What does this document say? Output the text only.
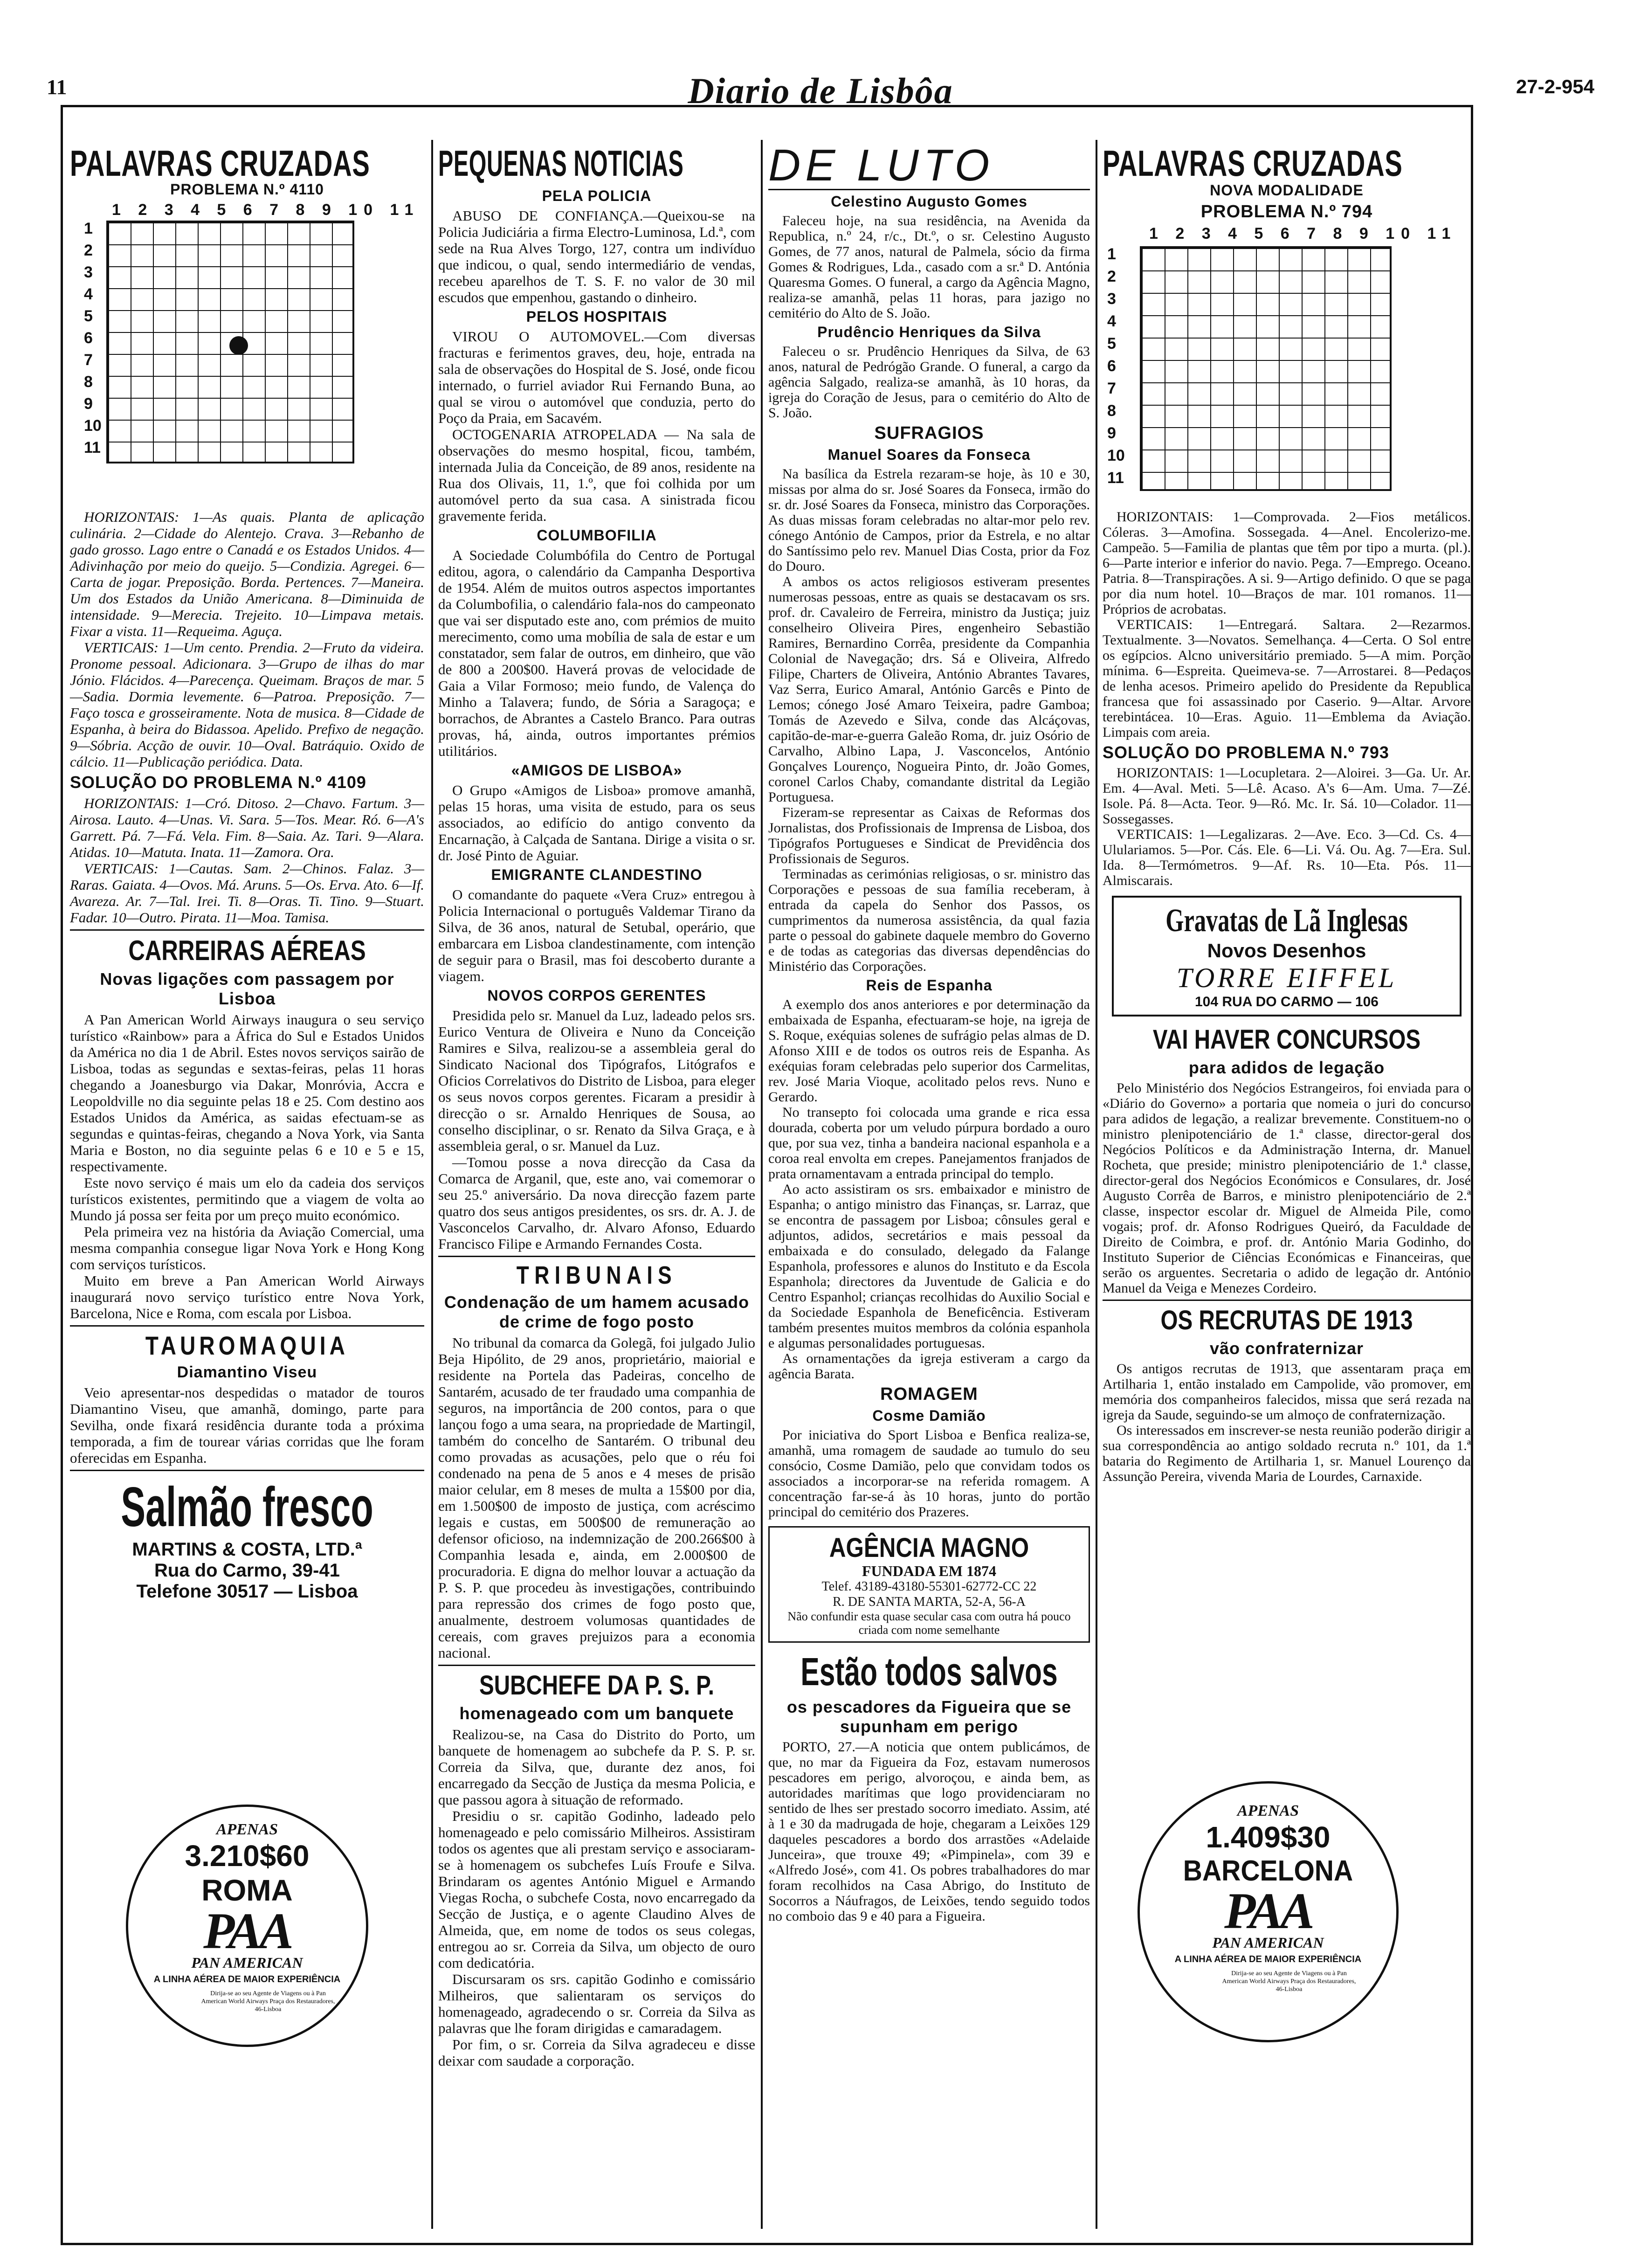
11	Diario de Lisbôa	27-2-954
PALAVRAS CRUZADAS
PROBLEMA N.º 4110
1 2 3 4 5 6 7 8 9 10 11
1
2
3
4
5
6
7
8
9
10
11

HORIZONTAIS: 1—As quais. Planta de aplicação culinária. 2—Cidade do Alentejo. Crava. 3—Rebanho de gado grosso. Lago entre o Canadá e os Estados Unidos. 4—Adivinhação por meio do queijo. 5—Condizia. Agregei. 6—Carta de jogar. Preposição. Borda. Pertences. 7—Maneira. Um dos Estados da União Americana. 8—Diminuida de intensidade. 9—Merecia. Trejeito. 10—Limpava metais. Fixar a vista. 11—Requeima. Aguça.

VERTICAIS: 1—Um cento. Prendia. 2—Fruto da videira. Pronome pessoal. Adicionara. 3—Grupo de ilhas do mar Jónio. Flácidos. 4—Parecença. Queimam. Braços de mar. 5—Sadia. Dormia levemente. 6—Patroa. Preposição. 7—Faço tosca e grosseiramente. Nota de musica. 8—Cidade de Espanha, à beira do Bidassoa. Apelido. Prefixo de negação. 9—Sóbria. Acção de ouvir. 10—Oval. Batráquio. Oxido de cálcio. 11—Publicação periódica. Data.

SOLUÇÃO DO PROBLEMA N.º 4109

HORIZONTAIS: 1—Cró. Ditoso. 2—Chavo. Fartum. 3—Airosa. Lauto. 4—Unas. Vi. Sara. 5—Tos. Mear. Ró. 6—A's Garrett. Pá. 7—Fá. Vela. Fim. 8—Saia. Az. Tari. 9—Alara. Atidas. 10—Matuta. Inata. 11—Zamora. Ora.

VERTICAIS: 1—Cautas. Sam. 2—Chinos. Falaz. 3—Raras. Gaiata. 4—Ovos. Má. Aruns. 5—Os. Erva. Ato. 6—If. Avareza. Ar. 7—Tal. Irei. Ti. 8—Oras. Ti. Tino. 9—Stuart. Fadar. 10—Outro. Pirata. 11—Moa. Tamisa.

CARREIRAS AÉREAS
Novas ligações com passagem por Lisboa

A Pan American World Airways inaugura o seu serviço turístico «Rainbow» para a África do Sul e Estados Unidos da América no dia 1 de Abril. Estes novos serviços sairão de Lisboa, todas as segundas e sextas-feiras, pelas 11 horas chegando a Joanesburgo via Dakar, Monróvia, Accra e Leopoldville no dia seguinte pelas 18 e 25. Com destino aos Estados Unidos da América, as saidas efectuam-se as segundas e quintas-feiras, chegando a Nova York, via Santa Maria e Boston, no dia seguinte pelas 6 e 10 e 5 e 15, respectivamente.

Este novo serviço é mais um elo da cadeia dos serviços turísticos existentes, permitindo que a viagem de volta ao Mundo já possa ser feita por um preço muito económico.

Pela primeira vez na história da Aviação Comercial, uma mesma companhia consegue ligar Nova York e Hong Kong com serviços turísticos.

Muito em breve a Pan American World Airways inaugurará novo serviço turístico entre Nova York, Barcelona, Nice e Roma, com escala por Lisboa.

TAUROMAQUIA
Diamantino Viseu

Veio apresentar-nos despedidas o matador de touros Diamantino Viseu, que amanhã, domingo, parte para Sevilha, onde fixará residência durante toda a próxima temporada, a fim de tourear várias corridas que lhe foram oferecidas em Espanha.

Salmão fresco
MARTINS & COSTA, LTD.ª
Rua do Carmo, 39-41
Telefone 30517 — Lisboa
APENAS
3.210$60
ROMA
PAA
PAN AMERICAN
A LINHA AÉREA DE MAIOR EXPERIÊNCIA
Dirija-se ao seu Agente de Viagens ou à Pan American World Airways Praça dos Restauradores, 46-Lisboa
PEQUENAS NOTICIAS
PELA POLICIA

ABUSO DE CONFIANÇA.—Queixou-se na Policia Judiciária a firma Electro-Luminosa, Ld.ª, com sede na Rua Alves Torgo, 127, contra um indivíduo que indicou, o qual, sendo intermediário de vendas, recebeu aparelhos de T. S. F. no valor de 30 mil escudos que empenhou, gastando o dinheiro.

PELOS HOSPITAIS

VIROU O AUTOMOVEL.—Com diversas fracturas e ferimentos graves, deu, hoje, entrada na sala de observações do Hospital de S. José, onde ficou internado, o furriel aviador Rui Fernando Buna, ao qual se virou o automóvel que conduzia, perto do Poço da Praia, em Sacavém.

OCTOGENARIA ATROPELADA — Na sala de observações do mesmo hospital, ficou, também, internada Julia da Conceição, de 89 anos, residente na Rua dos Olivais, 11, 1.º, que foi colhida por um automóvel perto da sua casa. A sinistrada ficou gravemente ferida.

COLUMBOFILIA

A Sociedade Columbófila do Centro de Portugal editou, agora, o calendário da Campanha Desportiva de 1954. Além de muitos outros aspectos importantes da Columbofilia, o calendário fala-nos do campeonato que vai ser disputado este ano, com prémios de muito merecimento, como uma mobília de sala de estar e um constatador, sem falar de outros, em dinheiro, que vão de 800 a 200$00. Haverá provas de velocidade de Gaia a Vilar Formoso; meio fundo, de Valença do Minho a Talavera; fundo, de Sória a Saragoça; e borrachos, de Abrantes a Castelo Branco. Para outras provas, há, ainda, outros importantes prémios utilitários.

«AMIGOS DE LISBOA»

O Grupo «Amigos de Lisboa» promove amanhã, pelas 15 horas, uma visita de estudo, para os seus associados, ao edifício do antigo convento da Encarnação, à Calçada de Santana. Dirige a visita o sr. dr. José Pinto de Aguiar.

EMIGRANTE CLANDESTINO

O comandante do paquete «Vera Cruz» entregou à Policia Internacional o português Valdemar Tirano da Silva, de 36 anos, natural de Setubal, operário, que embarcara em Lisboa clandestinamente, com intenção de seguir para o Brasil, mas foi descoberto durante a viagem.

NOVOS CORPOS GERENTES

Presidida pelo sr. Manuel da Luz, ladeado pelos srs. Eurico Ventura de Oliveira e Nuno da Conceição Ramires e Silva, realizou-se a assembleia geral do Sindicato Nacional dos Tipógrafos, Litógrafos e Oficios Correlativos do Distrito de Lisboa, para eleger os seus novos corpos gerentes. Ficaram a presidir à direcção o sr. Arnaldo Henriques de Sousa, ao conselho disciplinar, o sr. Renato da Silva Graça, e à assembleia geral, o sr. Manuel da Luz.

—Tomou posse a nova direcção da Casa da Comarca de Arganil, que, este ano, vai comemorar o seu 25.º aniversário. Da nova direcção fazem parte quatro dos seus antigos presidentes, os srs. dr. A. J. de Vasconcelos Carvalho, dr. Alvaro Afonso, Eduardo Francisco Filipe e Armando Fernandes Costa.

TRIBUNAIS
Condenação de um hamem acusado de crime de fogo posto

No tribunal da comarca da Golegã, foi julgado Julio Beja Hipólito, de 29 anos, proprietário, maiorial e residente na Portela das Padeiras, concelho de Santarém, acusado de ter fraudado uma companhia de seguros, na importância de 200 contos, para o que lançou fogo a uma seara, na propriedade de Martingil, também do concelho de Santarém. O tribunal deu como provadas as acusações, pelo que o réu foi condenado na pena de 5 anos e 4 meses de prisão maior celular, em 8 meses de multa a 15$00 por dia, em 1.500$00 de imposto de justiça, com acréscimo legais e custas, em 500$00 de remuneração ao defensor oficioso, na indemnização de 200.266$00 à Companhia lesada e, ainda, em 2.000$00 de procuradoria. E digna do melhor louvar a actuação da P. S. P. que procedeu às investigações, contribuindo para repressão dos crimes de fogo posto que, anualmente, destroem volumosas quantidades de cereais, com graves prejuizos para a economia nacional.

SUBCHEFE DA P. S. P.
homenageado com um banquete

Realizou-se, na Casa do Distrito do Porto, um banquete de homenagem ao subchefe da P. S. P. sr. Correia da Silva, que, durante dez anos, foi encarregado da Secção de Justiça da mesma Policia, e que passou agora à situação de reformado.

Presidiu o sr. capitão Godinho, ladeado pelo homenageado e pelo comissário Milheiros. Assistiram todos os agentes que ali prestam serviço e associaram-se à homenagem os subchefes Luís Froufe e Silva. Brindaram os agentes António Miguel e Armando Viegas Rocha, o subchefe Costa, novo encarregado da Secção de Justiça, e o agente Claudino Alves de Almeida, que, em nome de todos os seus colegas, entregou ao sr. Correia da Silva, um objecto de ouro com dedicatória.

Discursaram os srs. capitão Godinho e comissário Milheiros, que salientaram os serviços do homenageado, agradecendo o sr. Correia da Silva as palavras que lhe foram dirigidas e camaradagem.

Por fim, o sr. Correia da Silva agradeceu e disse deixar com saudade a corporação.

DE LUTO
Celestino Augusto Gomes

Faleceu hoje, na sua residência, na Avenida da Republica, n.º 24, r/c., Dt.º, o sr. Celestino Augusto Gomes, de 77 anos, natural de Palmela, sócio da firma Gomes & Rodrigues, Lda., casado com a sr.ª D. Antónia Quaresma Gomes. O funeral, a cargo da Agência Magno, realiza-se amanhã, pelas 11 horas, para jazigo no cemitério do Alto de S. João.

Prudêncio Henriques da Silva

Faleceu o sr. Prudêncio Henriques da Silva, de 63 anos, natural de Pedrógão Grande. O funeral, a cargo da agência Salgado, realiza-se amanhã, às 10 horas, da igreja do Coração de Jesus, para o cemitério do Alto de S. João.

SUFRAGIOS
Manuel Soares da Fonseca

Na basílica da Estrela rezaram-se hoje, às 10 e 30, missas por alma do sr. José Soares da Fonseca, irmão do sr. dr. José Soares da Fonseca, ministro das Corporações. As duas missas foram celebradas no altar-mor pelo rev. cónego António de Campos, prior da Estrela, e no altar do Santíssimo pelo rev. Manuel Dias Costa, prior da Foz do Douro.

A ambos os actos religiosos estiveram presentes numerosas pessoas, entre as quais se destacavam os srs. prof. dr. Cavaleiro de Ferreira, ministro da Justiça; juiz conselheiro Oliveira Pires, engenheiro Sebastião Ramires, Bernardino Corrêa, presidente da Companhia Colonial de Navegação; drs. Sá e Oliveira, Alfredo Filipe, Charters de Oliveira, António Abrantes Tavares, Vaz Serra, Eurico Amaral, António Garcês e Pinto de Lemos; cónego José Amaro Teixeira, padre Gamboa; Tomás de Azevedo e Silva, conde das Alcáçovas, capitão-de-mar-e-guerra Galeão Roma, dr. juiz Osório de Carvalho, Albino Lapa, J. Vasconcelos, António Gonçalves Lourenço, Nogueira Pinto, dr. João Gomes, coronel Carlos Chaby, comandante distrital da Legião Portuguesa.

Fizeram-se representar as Caixas de Reformas dos Jornalistas, dos Profissionais de Imprensa de Lisboa, dos Tipógrafos Portugueses e Sindicat de Previdência dos Profissionais de Seguros.

Terminadas as cerimónias religiosas, o sr. ministro das Corporações e pessoas de sua família receberam, à entrada da capela do Senhor dos Passos, os cumprimentos da numerosa assistência, da qual fazia parte o pessoal do gabinete daquele membro do Governo e de todas as categorias das diversas dependências do Ministério das Corporações.

Reis de Espanha

A exemplo dos anos anteriores e por determinação da embaixada de Espanha, efectuaram-se hoje, na igreja de S. Roque, exéquias solenes de sufrágio pelas almas de D. Afonso XIII e de todos os outros reis de Espanha. As exéquias foram celebradas pelo superior dos Carmelitas, rev. José Maria Vioque, acolitado pelos revs. Nuno e Gerardo.

No transepto foi colocada uma grande e rica essa dourada, coberta por um veludo púrpura bordado a ouro que, por sua vez, tinha a bandeira nacional espanhola e a coroa real envolta em crepes. Panejamentos franjados de prata ornamentavam a entrada principal do templo.

Ao acto assistiram os srs. embaixador e ministro de Espanha; o antigo ministro das Finanças, sr. Larraz, que se encontra de passagem por Lisboa; cônsules geral e adjuntos, adidos, secretários e mais pessoal da embaixada e do consulado, delegado da Falange Espanhola, professores e alunos do Instituto e da Escola Espanhola; directores da Juventude de Galicia e do Centro Espanhol; crianças recolhidas do Auxilio Social e da Sociedade Espanhola de Beneficência. Estiveram também presentes muitos membros da colónia espanhola e algumas personalidades portuguesas.

As ornamentações da igreja estiveram a cargo da agência Barata.

ROMAGEM
Cosme Damião

Por iniciativa do Sport Lisboa e Benfica realiza-se, amanhã, uma romagem de saudade ao tumulo do seu consócio, Cosme Damião, pelo que convidam todos os associados a incorporar-se na referida romagem. A concentração far-se-á às 10 horas, junto do portão principal do cemitério dos Prazeres.

AGÊNCIA MAGNO
FUNDADA EM 1874
Telef. 43189-43180-55301-62772-CC 22
R. DE SANTA MARTA, 52-A, 56-A
Não confundir esta quase secular casa com outra há pouco criada com nome semelhante
Estão todos salvos
os pescadores da Figueira que se supunham em perigo

PORTO, 27.—A noticia que ontem publicámos, de que, no mar da Figueira da Foz, estavam numerosos pescadores em perigo, alvoroçou, e ainda bem, as autoridades marítimas que logo providenciaram no sentido de lhes ser prestado socorro imediato. Assim, até à 1 e 30 da madrugada de hoje, chegaram a Leixões 129 daqueles pescadores a bordo dos arrastões «Adelaide Junceira», que trouxe 49; «Pimpinela», com 39 e «Alfredo José», com 41. Os pobres trabalhadores do mar foram recolhidos na Casa Abrigo, do Instituto de Socorros a Náufragos, de Leixões, tendo seguido todos no comboio das 9 e 40 para a Figueira.

PALAVRAS CRUZADAS
NOVA MODALIDADE
PROBLEMA N.º 794
1 2 3 4 5 6 7 8 9 10 11
1
2
3
4
5
6
7
8
9
10
11

HORIZONTAIS: 1—Comprovada. 2—Fios metálicos. Cóleras. 3—Amofina. Sossegada. 4—Anel. Encolerizo-me. Campeão. 5—Familia de plantas que têm por tipo a murta. (pl.). 6—Parte interior e inferior do navio. Pega. 7—Emprego. Oceano. Patria. 8—Transpirações. A si. 9—Artigo definido. O que se paga por dia num hotel. 10—Braços de mar. 101 romanos. 11—Próprios de acrobatas.

VERTICAIS: 1—Entregará. Saltara. 2—Rezarmos. Textualmente. 3—Novatos. Semelhança. 4—Certa. O Sol entre os egípcios. Alcno universitário premiado. 5—A mim. Porção mínima. 6—Espreita. Queimeva-se. 7—Arrostarei. 8—Pedaços de lenha acesos. Primeiro apelido do Presidente da Republica francesa que foi assassinado por Caserio. 9—Altar. Arvore terebintácea. 10—Eras. Aguio. 11—Emblema da Aviação. Limpais com areia.

SOLUÇÃO DO PROBLEMA N.º 793

HORIZONTAIS: 1—Locupletara. 2—Aloirei. 3—Ga. Ur. Ar. Em. 4—Aval. Meti. 5—Lê. Acaso. A's 6—Am. Uma. 7—Zé. Isole. Pá. 8—Acta. Teor. 9—Ró. Mc. Ir. Sá. 10—Colador. 11—Sossegasses.

VERTICAIS: 1—Legalizaras. 2—Ave. Eco. 3—Cd. Cs. 4—Ululariamos. 5—Por. Cás. Ele. 6—Li. Vá. Ou. Ag. 7—Era. Sul. Ida. 8—Termómetros. 9—Af. Rs. 10—Eta. Pós. 11—Almiscarais.

Gravatas de Lã Inglesas
Novos Desenhos
TORRE EIFFEL
104 RUA DO CARMO — 106
VAI HAVER CONCURSOS
para adidos de legação

Pelo Ministério dos Negócios Estrangeiros, foi enviada para o «Diário do Governo» a portaria que nomeia o juri do concurso para adidos de legação, a realizar brevemente. Constituem-no o ministro plenipotenciário de 1.ª classe, director-geral dos Negócios Políticos e da Administração Interna, dr. Manuel Rocheta, que preside; ministro plenipotenciário de 1.ª classe, director-geral dos Negócios Económicos e Consulares, dr. José Augusto Corrêa de Barros, e ministro plenipotenciário de 2.ª classe, inspector escolar dr. Miguel de Almeida Pile, como vogais; prof. dr. Afonso Rodrigues Queiró, da Faculdade de Direito de Coimbra, e prof. dr. António Maria Godinho, do Instituto Superior de Ciências Económicas e Financeiras, que serão os arguentes. Secretaria o adido de legação dr. António Manuel da Veiga e Menezes Cordeiro.

OS RECRUTAS DE 1913
vão confraternizar

Os antigos recrutas de 1913, que assentaram praça em Artilharia 1, então instalado em Campolide, vão promover, em memória dos companheiros falecidos, missa que será rezada na igreja da Saude, seguindo-se um almoço de confraternização.

Os interessados em inscrever-se nesta reunião poderão dirigir a sua correspondência ao antigo soldado recruta n.º 101, da 1.ª bataria do Regimento de Artilharia 1, sr. Manuel Lourenço da Assunção Pereira, vivenda Maria de Lourdes, Carnaxide.

APENAS
1.409$30
BARCELONA
PAA
PAN AMERICAN
A LINHA AÉREA DE MAIOR EXPERIÊNCIA
Dirija-se ao seu Agente de Viagens ou à Pan American World Airways Praça dos Restauradores, 46-Lisboa
